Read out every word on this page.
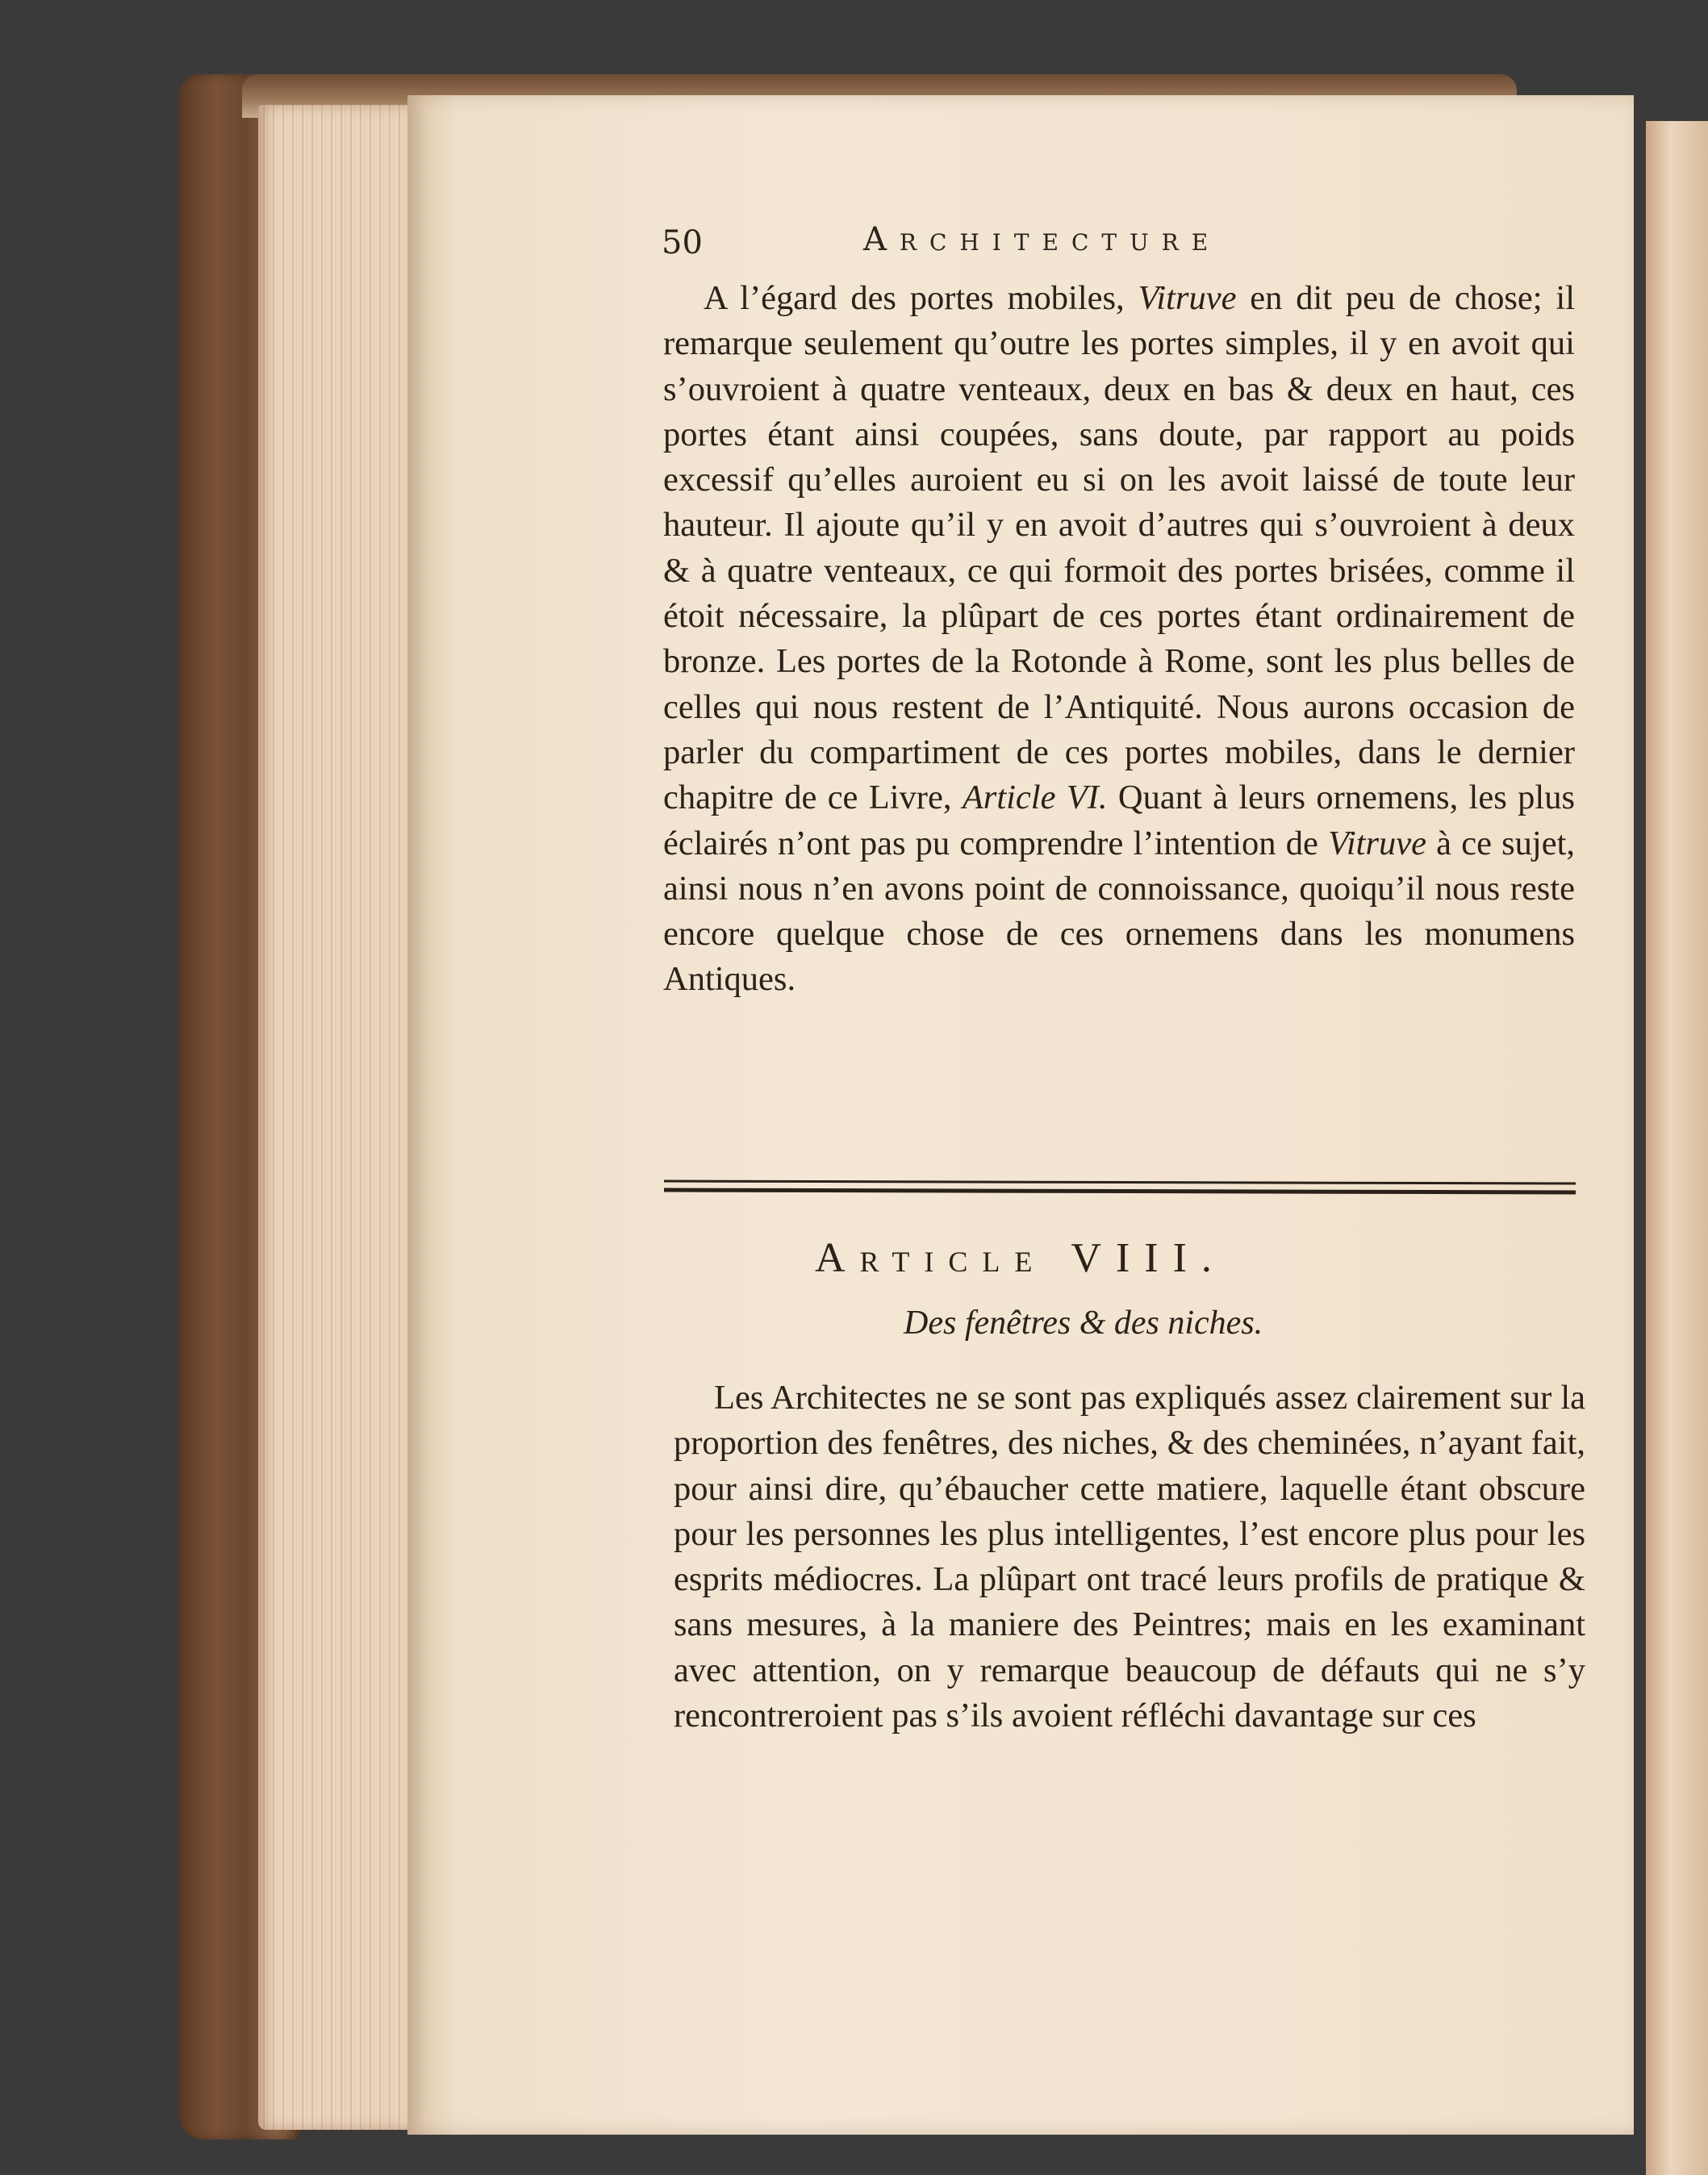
50	Architecture

A l’égard des portes mobiles, Vitruve en dit peu de chose; il remarque seulement qu’outre les portes simples, il y en avoit qui s’ouvroient à quatre venteaux, deux en bas & deux en haut, ces portes étant ainsi coupées, sans doute, par rapport au poids excessif qu’elles auroient eu si on les avoit laissé de toute leur hauteur. Il ajoute qu’il y en avoit d’autres qui s’ouvroient à deux & à quatre venteaux, ce qui formoit des portes brisées, comme il étoit nécessaire, la plûpart de ces portes étant ordinairement de bronze. Les portes de la Rotonde à Rome, sont les plus belles de celles qui nous restent de l’Antiquité. Nous aurons occasion de parler du compartiment de ces portes mobiles, dans le dernier chapitre de ce Livre, Article VI. Quant à leurs ornemens, les plus éclairés n’ont pas pu comprendre l’intention de Vitruve à ce sujet, ainsi nous n’en avons point de connoissance, quoiqu’il nous reste encore quelque chose de ces ornemens dans les monumens Antiques.

Article VIII.
Des fenêtres & des niches.

Les Architectes ne se sont pas expliqués assez clairement sur la proportion des fenêtres, des niches, & des cheminées, n’ayant fait, pour ainsi dire, qu’ébaucher cette matiere, laquelle étant obscure pour les personnes les plus intelligentes, l’est encore plus pour les esprits médiocres. La plûpart ont tracé leurs profils de pratique & sans mesures, à la maniere des Peintres; mais en les examinant avec attention, on y remarque beaucoup de défauts qui ne s’y rencontreroient pas s’ils avoient réfléchi davantage sur ces
